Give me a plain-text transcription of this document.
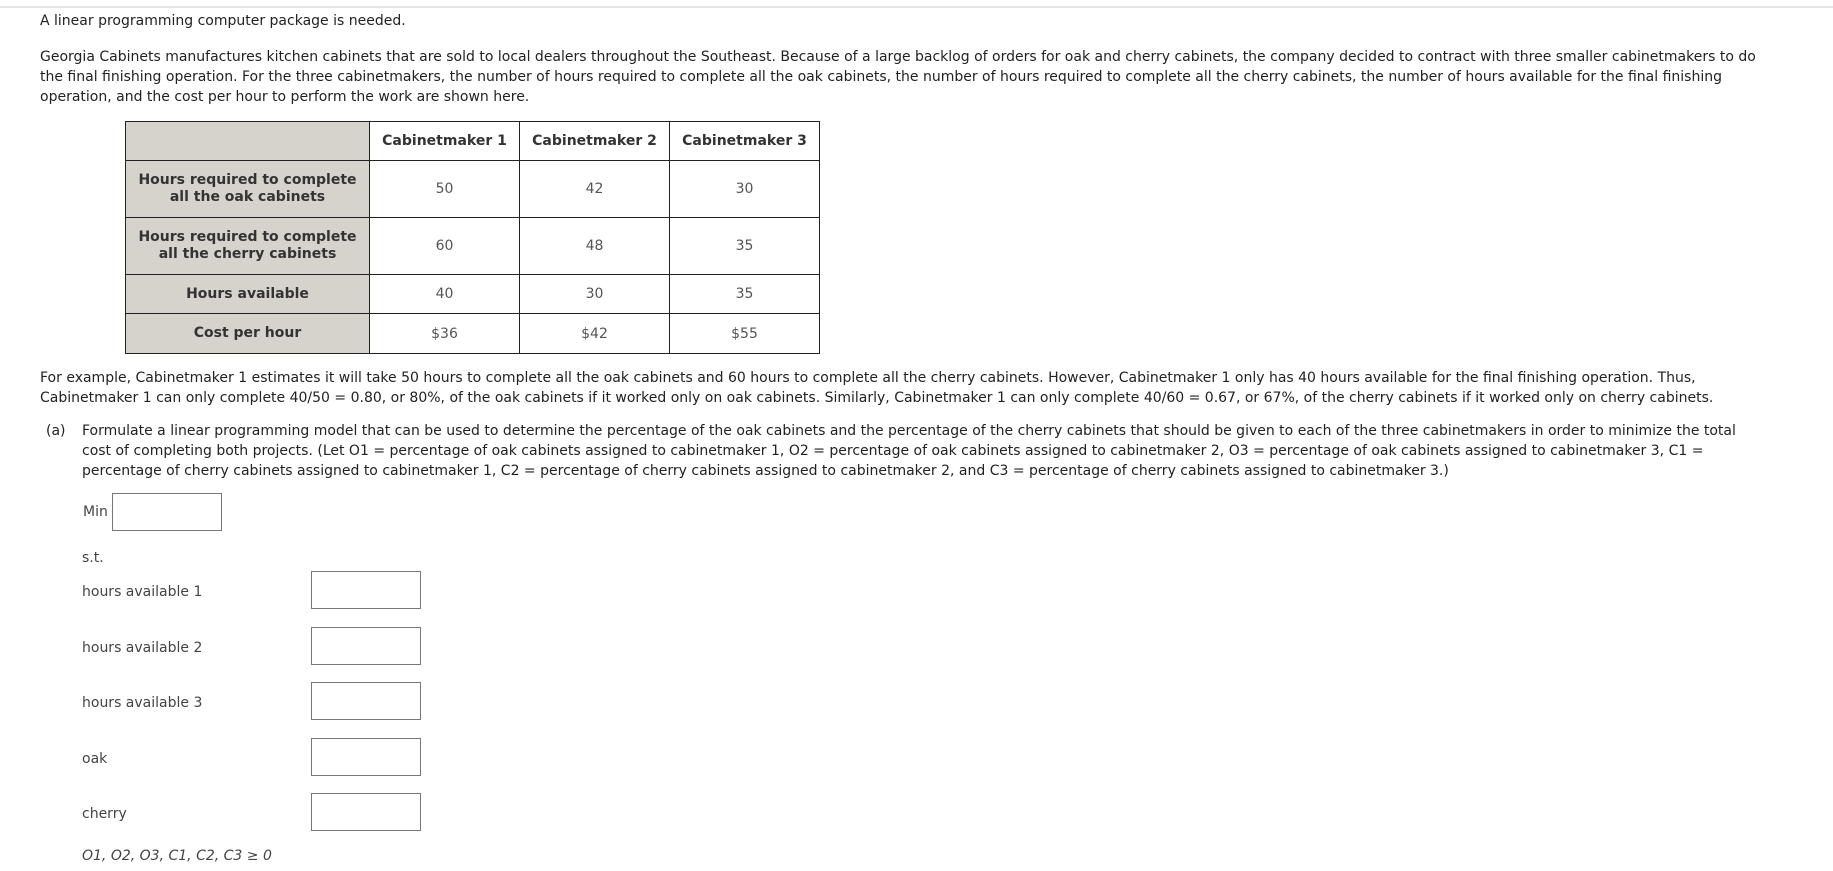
A linear programming computer package is needed.

Georgia Cabinets manufactures kitchen cabinets that are sold to local dealers throughout the Southeast. Because of a large backlog of orders for oak and cherry cabinets, the company decided to contract with three smaller cabinetmakers to do

the final finishing operation. For the three cabinetmakers, the number of hours required to complete all the oak cabinets, the number of hours required to complete all the cherry cabinets, the number of hours available for the final finishing

operation, and the cost per hour to perform the work are shown here.

	Cabinetmaker 1	Cabinetmaker 2	Cabinetmaker 3
Hours required to complete
all the oak cabinets	50	42	30
Hours required to complete
all the cherry cabinets	60	48	35
Hours available	40	30	35
Cost per hour	$36	$42	$55

For example, Cabinetmaker 1 estimates it will take 50 hours to complete all the oak cabinets and 60 hours to complete all the cherry cabinets. However, Cabinetmaker 1 only has 40 hours available for the final finishing operation. Thus,

Cabinetmaker 1 can only complete 40/50 = 0.80, or 80%, of the oak cabinets if it worked only on oak cabinets. Similarly, Cabinetmaker 1 can only complete 40/60 = 0.67, or 67%, of the cherry cabinets if it worked only on cherry cabinets.

(a) Formulate a linear programming model that can be used to determine the percentage of the oak cabinets and the percentage of the cherry cabinets that should be given to each of the three cabinetmakers in order to minimize the total

cost of completing both projects. (Let O1 = percentage of oak cabinets assigned to cabinetmaker 1, O2 = percentage of oak cabinets assigned to cabinetmaker 2, O3 = percentage of oak cabinets assigned to cabinetmaker 3, C1 =

percentage of cherry cabinets assigned to cabinetmaker 1, C2 = percentage of cherry cabinets assigned to cabinetmaker 2, and C3 = percentage of cherry cabinets assigned to cabinetmaker 3.)

Min
s.t.
hours available 1
hours available 2
hours available 3
oak
cherry
O1, O2, O3, C1, C2, C3 ≥ 0
